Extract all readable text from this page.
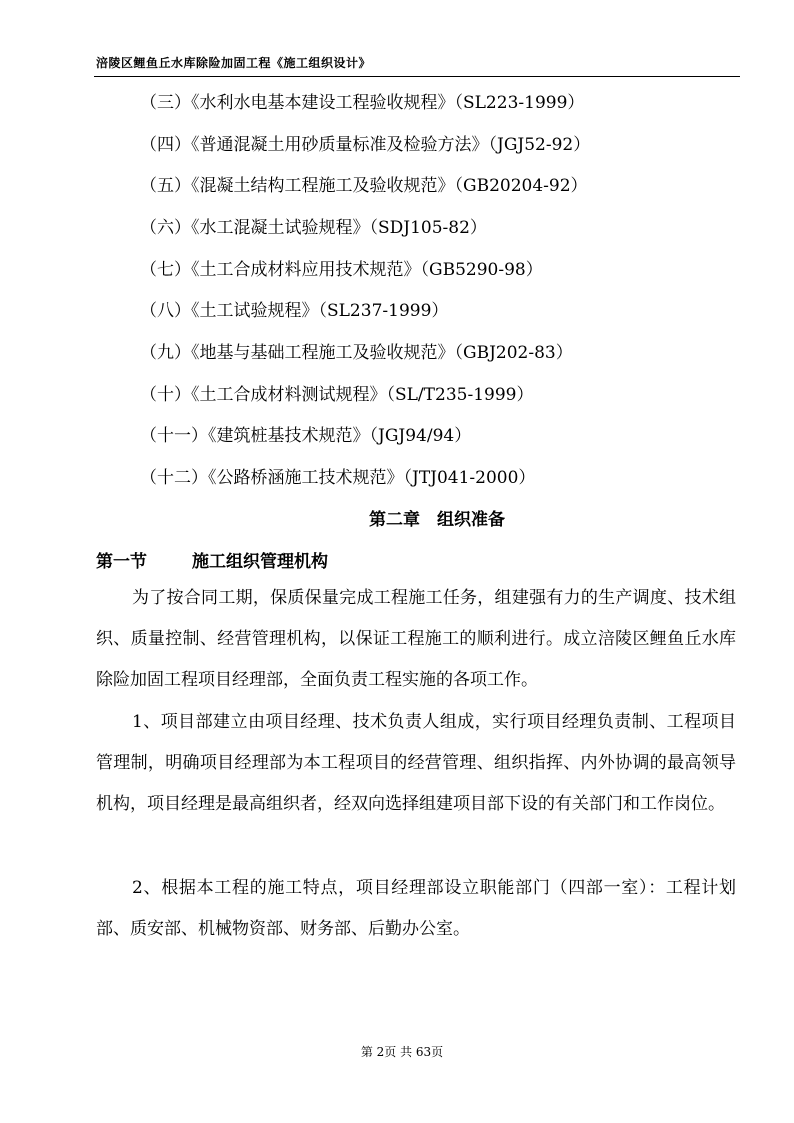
涪陵区鲤鱼丘水库除险加固工程《施工组织设计》
（三）《水利水电基本建设工程验收规程》（SL223-1999）
（四）《普通混凝土用砂质量标准及检验方法》（JGJ52-92）
（五）《混凝土结构工程施工及验收规范》（GB20204-92）
（六）《水工混凝土试验规程》（SDJ105-82）
（七）《土工合成材料应用技术规范》（GB5290-98）
（八）《土工试验规程》（SL237-1999）
（九）《地基与基础工程施工及验收规范》（GBJ202-83）
（十）《土工合成材料测试规程》（SL/T235-1999）
（十一）《建筑桩基技术规范》（JGJ94/94）
（十二）《公路桥涵施工技术规范》（JTJ041-2000）
第二章　组织准备
第一节	施工组织管理机构
为了按合同工期，保质保量完成工程施工任务，组建强有力的生产调度、技术组织、质量控制、经营管理机构，以保证工程施工的顺利进行。成立涪陵区鲤鱼丘水库除险加固工程项目经理部，全面负责工程实施的各项工作。
1、项目部建立由项目经理、技术负责人组成，实行项目经理负责制、工程项目管理制，明确项目经理部为本工程项目的经营管理、组织指挥、内外协调的最高领导机构，项目经理是最高组织者，经双向选择组建项目部下设的有关部门和工作岗位。
2、根据本工程的施工特点，项目经理部设立职能部门（四部一室）：工程计划部、质安部、机械物资部、财务部、后勤办公室。
第 2页 共 63页
